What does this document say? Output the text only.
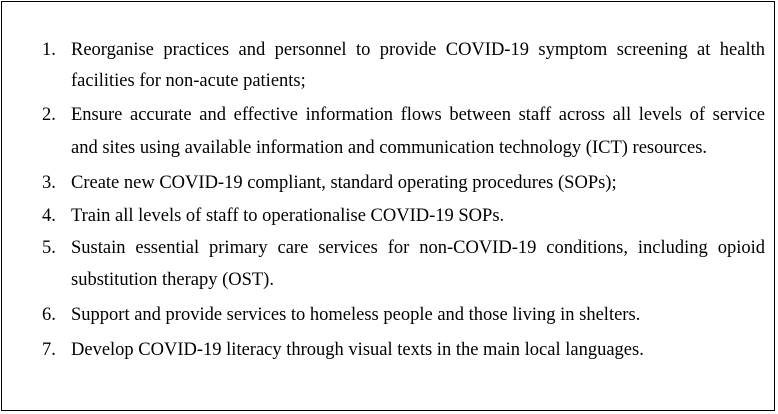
1. Reorganise practices and personnel to provide COVID-19 symptom screening at health
facilities for non-acute patients;
2. Ensure accurate and effective information flows between staff across all levels of service
and sites using available information and communication technology (ICT) resources.
3. Create new COVID-19 compliant, standard operating procedures (SOPs);
4. Train all levels of staff to operationalise COVID-19 SOPs.
5. Sustain essential primary care services for non-COVID-19 conditions, including opioid
substitution therapy (OST).
6. Support and provide services to homeless people and those living in shelters.
7. Develop COVID-19 literacy through visual texts in the main local languages.
